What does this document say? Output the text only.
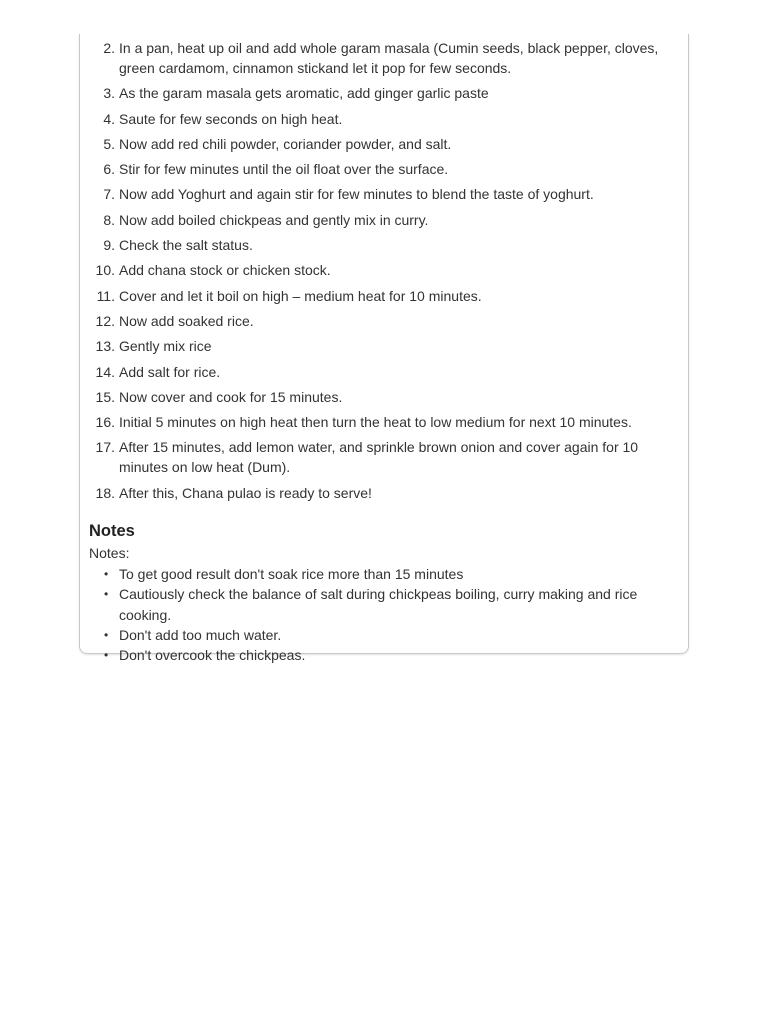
2. In a pan, heat up oil and add whole garam masala (Cumin seeds, black pepper, cloves, green cardamom, cinnamon stickand let it pop for few seconds.
3. As the garam masala gets aromatic, add ginger garlic paste
4. Saute for few seconds on high heat.
5. Now add red chili powder, coriander powder, and salt.
6. Stir for few minutes until the oil float over the surface.
7. Now add Yoghurt and again stir for few minutes to blend the taste of yoghurt.
8. Now add boiled chickpeas and gently mix in curry.
9. Check the salt status.
10. Add chana stock or chicken stock.
11. Cover and let it boil on high – medium heat for 10 minutes.
12. Now add soaked rice.
13. Gently mix rice
14. Add salt for rice.
15. Now cover and cook for 15 minutes.
16. Initial 5 minutes on high heat then turn the heat to low medium for next 10 minutes.
17. After 15 minutes, add lemon water, and sprinkle brown onion and cover again for 10 minutes on low heat (Dum).
18. After this, Chana pulao is ready to serve!
Notes
Notes:
• To get good result don't soak rice more than 15 minutes
• Cautiously check the balance of salt during chickpeas boiling, curry making and rice cooking.
• Don't add too much water.
• Don't overcook the chickpeas.
